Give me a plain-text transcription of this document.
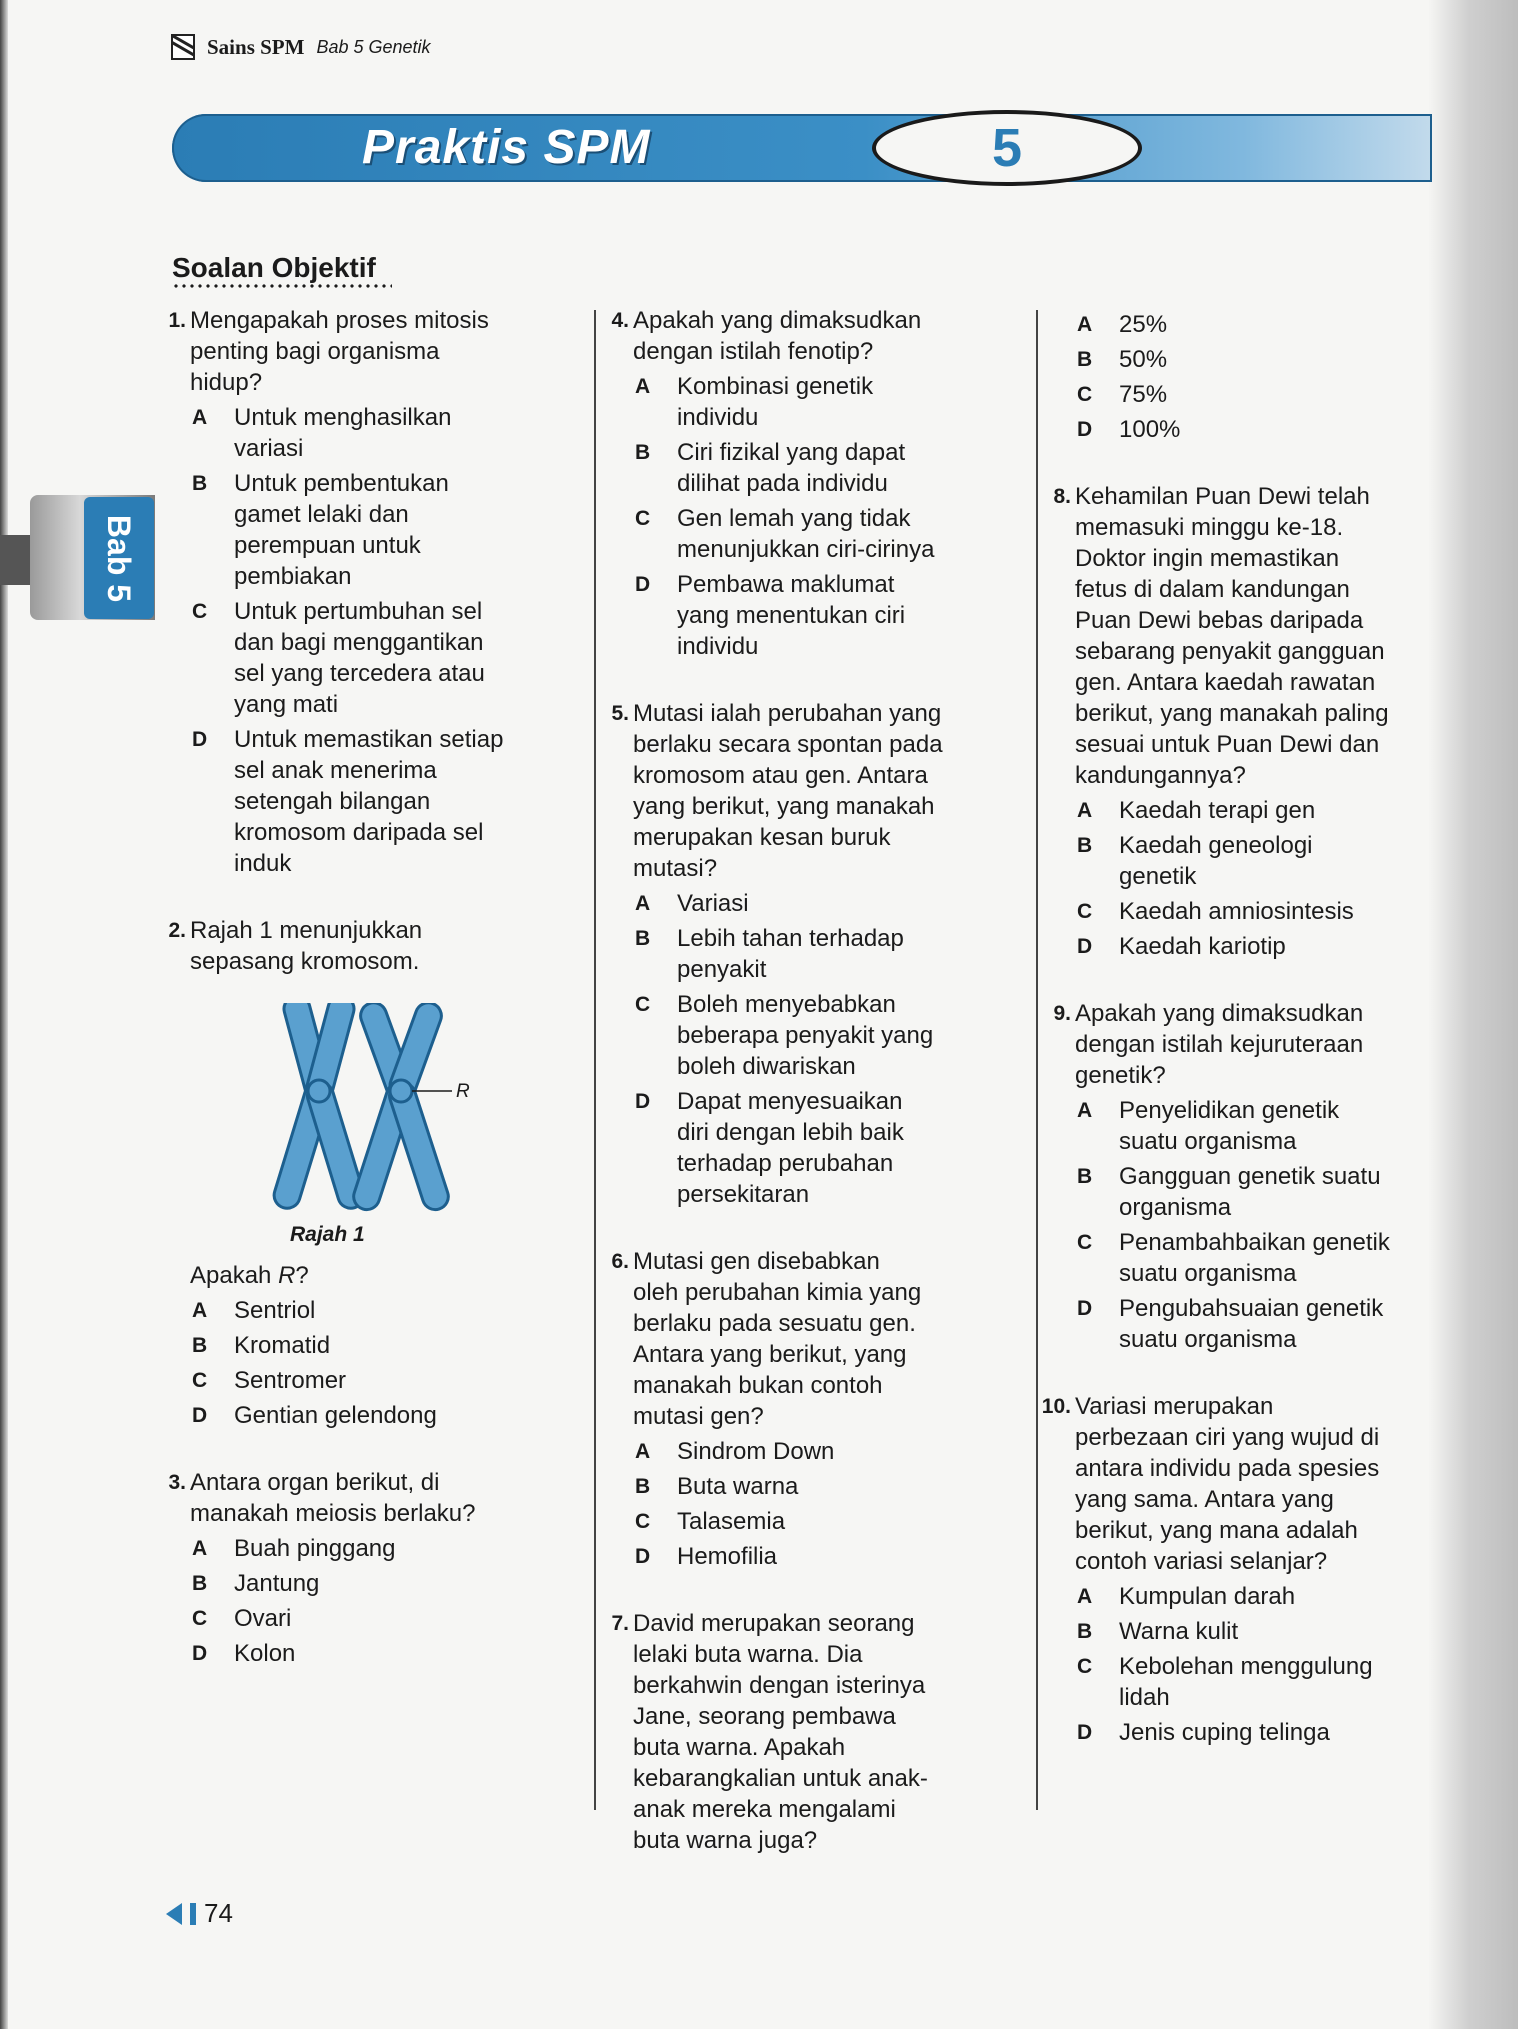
Sains SPM Bab 5 Genetik
Praktis SPM	5
Soalan Objektif
Bab 5
1. Mengapakah proses mitosis
penting bagi organisma
hidup?
A Untuk menghasilkan
variasi
B Untuk pembentukan
gamet lelaki dan
perempuan untuk
pembiakan
C Untuk pertumbuhan sel
dan bagi menggantikan
sel yang tercedera atau
yang mati
D Untuk memastikan setiap
sel anak menerima
setengah bilangan
kromosom daripada sel
induk
2. Rajah 1 menunjukkan
sepasang kromosom.
R
Rajah 1
Apakah R?
A Sentriol
B Kromatid
C Sentromer
D Gentian gelendong
3. Antara organ berikut, di
manakah meiosis berlaku?
A Buah pinggang
B Jantung
C Ovari
D Kolon
4. Apakah yang dimaksudkan
dengan istilah fenotip?
A Kombinasi genetik
individu
B Ciri fizikal yang dapat
dilihat pada individu
C Gen lemah yang tidak
menunjukkan ciri-cirinya
D Pembawa maklumat
yang menentukan ciri
individu
5. Mutasi ialah perubahan yang
berlaku secara spontan pada
kromosom atau gen. Antara
yang berikut, yang manakah
merupakan kesan buruk
mutasi?
A Variasi
B Lebih tahan terhadap
penyakit
C Boleh menyebabkan
beberapa penyakit yang
boleh diwariskan
D Dapat menyesuaikan
diri dengan lebih baik
terhadap perubahan
persekitaran
6. Mutasi gen disebabkan
oleh perubahan kimia yang
berlaku pada sesuatu gen.
Antara yang berikut, yang
manakah bukan contoh
mutasi gen?
A Sindrom Down
B Buta warna
C Talasemia
D Hemofilia
7. David merupakan seorang
lelaki buta warna. Dia
berkahwin dengan isterinya
Jane, seorang pembawa
buta warna. Apakah
kebarangkalian untuk anak-
anak mereka mengalami
buta warna juga?
A 25%
B 50%
C 75%
D 100%
8. Kehamilan Puan Dewi telah
memasuki minggu ke-18.
Doktor ingin memastikan
fetus di dalam kandungan
Puan Dewi bebas daripada
sebarang penyakit gangguan
gen. Antara kaedah rawatan
berikut, yang manakah paling
sesuai untuk Puan Dewi dan
kandungannya?
A Kaedah terapi gen
B Kaedah geneologi
genetik
C Kaedah amniosintesis
D Kaedah kariotip
9. Apakah yang dimaksudkan
dengan istilah kejuruteraan
genetik?
A Penyelidikan genetik
suatu organisma
B Gangguan genetik suatu
organisma
C Penambahbaikan genetik
suatu organisma
D Pengubahsuaian genetik
suatu organisma
10. Variasi merupakan
perbezaan ciri yang wujud di
antara individu pada spesies
yang sama. Antara yang
berikut, yang mana adalah
contoh variasi selanjar?
A Kumpulan darah
B Warna kulit
C Kebolehan menggulung
lidah
D Jenis cuping telinga
74
